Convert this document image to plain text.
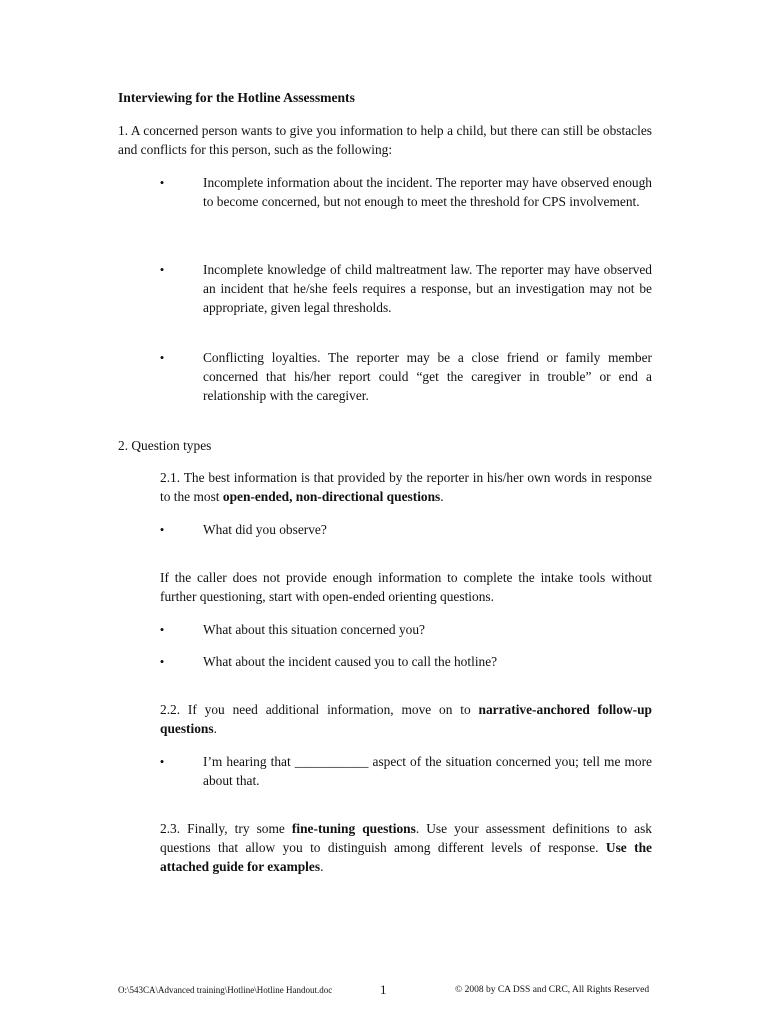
Interviewing for the Hotline Assessments
1. A concerned person wants to give you information to help a child, but there can still be obstacles and conflicts for this person, such as the following:
•	Incomplete information about the incident. The reporter may have observed enough to become concerned, but not enough to meet the threshold for CPS involvement.
•	Incomplete knowledge of child maltreatment law. The reporter may have observed an incident that he/she feels requires a response, but an investigation may not be appropriate, given legal thresholds.
•	Conflicting loyalties. The reporter may be a close friend or family member concerned that his/her report could “get the caregiver in trouble” or end a relationship with the caregiver.
2. Question types
2.1. The best information is that provided by the reporter in his/her own words in response to the most open-ended, non-directional questions.
•	What did you observe?
If the caller does not provide enough information to complete the intake tools without further questioning, start with open-ended orienting questions.
•	What about this situation concerned you?
•	What about the incident caused you to call the hotline?
2.2. If you need additional information, move on to narrative-anchored follow-up questions.
•	I’m hearing that ___________ aspect of the situation concerned you; tell me more about that.
2.3. Finally, try some fine-tuning questions. Use your assessment definitions to ask questions that allow you to distinguish among different levels of response. Use the attached guide for examples.
O:\543CA\Advanced training\Hotline\Hotline Handout.doc	1	© 2008 by CA DSS and CRC, All Rights Reserved
